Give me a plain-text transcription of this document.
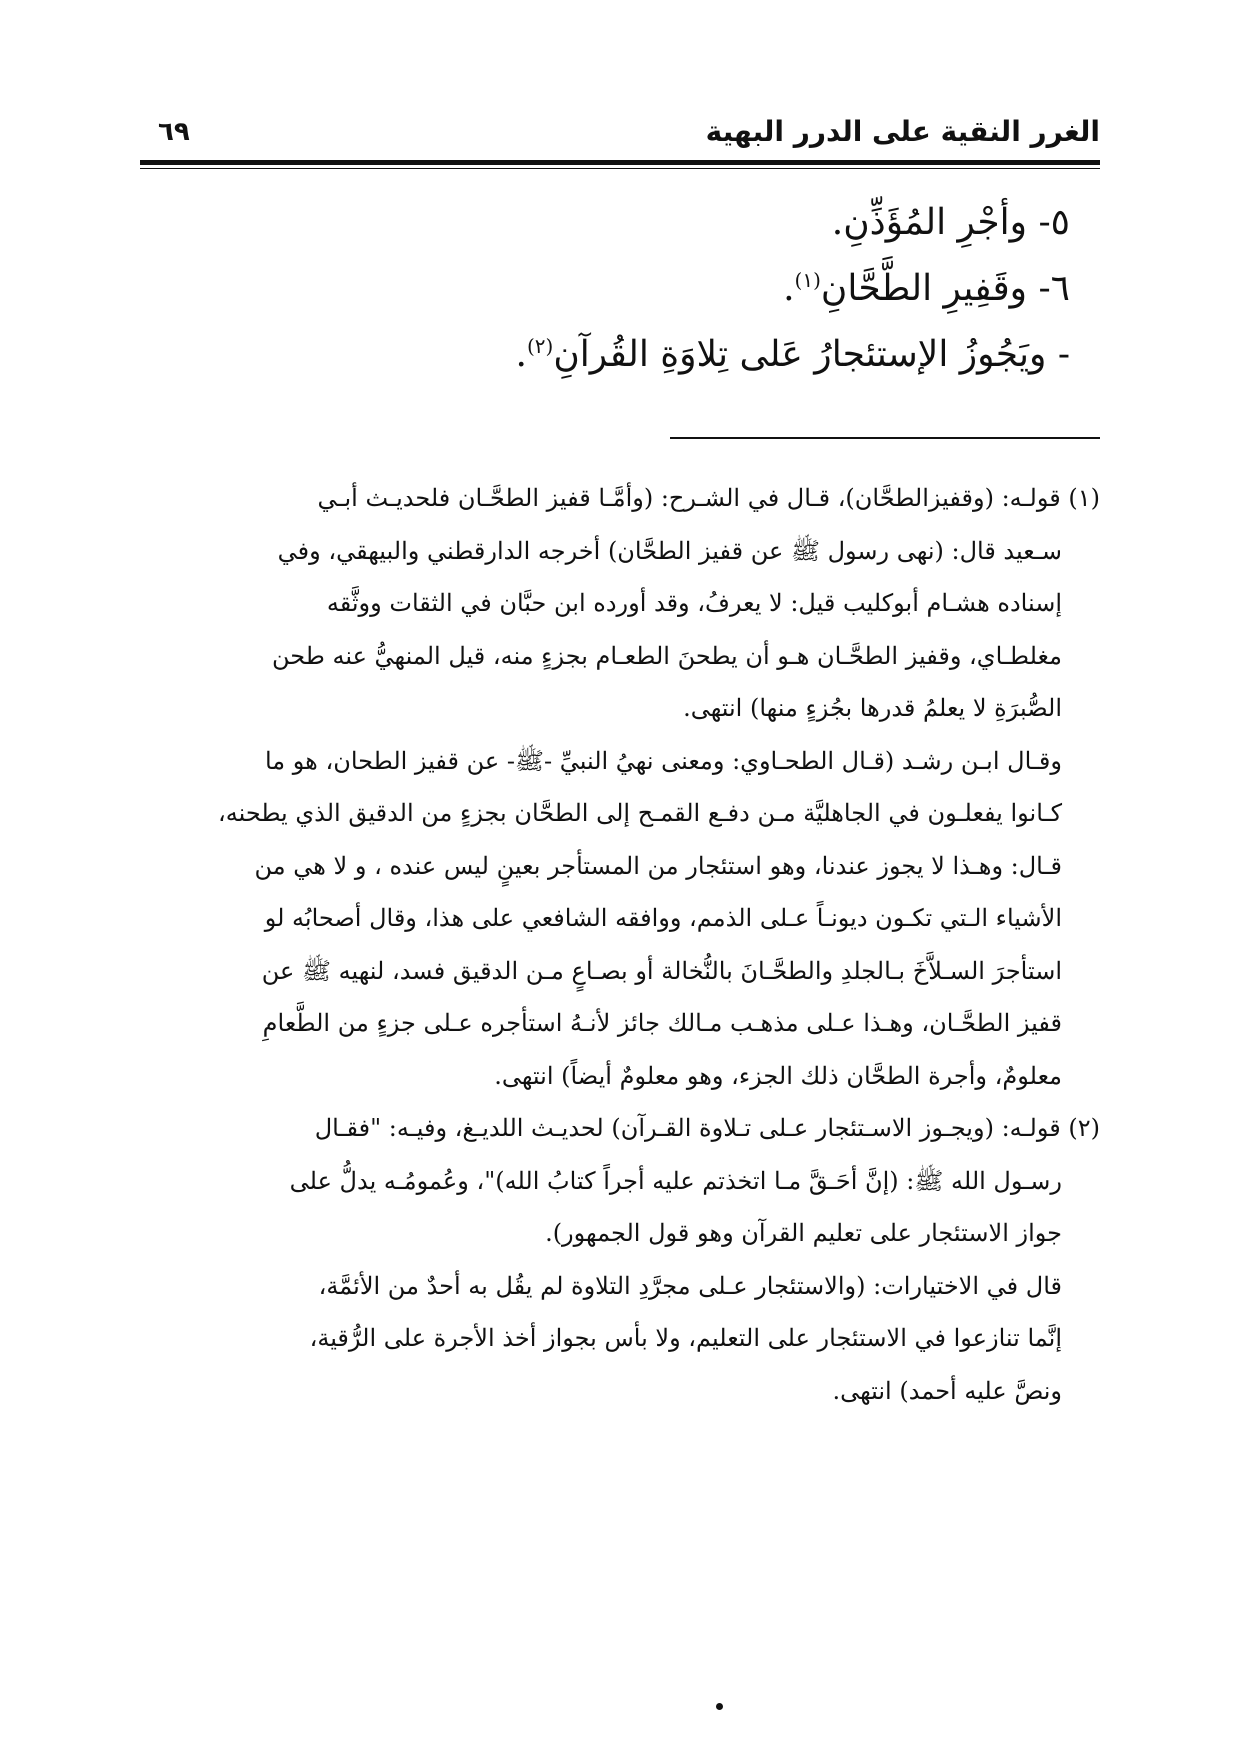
الغرر النقية على الدرر البهية
٦٩
٥- وأجْرِ المُؤَذِّنِ.
٦- وقَفِيرِ الطَّحَّانِ$^{(١)}$.
- ويَجُوزُ الإستئجارُ عَلى تِلاوَةِ القُرآنِ$^{(٢)}$.
(١) قولـه: (وقفيزالطحَّان)، قـال في الشـرح: (وأمَّـا قفيز الطحَّـان فلحديـث أبـي
سـعيد قال: (نهى رسول ﷺ عن قفيز الطحَّان) أخرجه الدارقطني والبيهقي، وفي
إسناده هشـام أبوكليب قيل: لا يعرفُ، وقد أورده ابن حبَّان في الثقات ووثَّقه
مغلطـاي، وقفيز الطحَّـان هـو أن يطحنَ الطعـام بجزءٍ منه، قيل المنهيُّ عنه طحن
الصُّبرَةِ لا يعلمُ قدرها بجُزءٍ منها) انتهى.
وقـال ابـن رشـد (قـال الطحـاوي: ومعنى نهيُ النبيِّ -ﷺ- عن قفيز الطحان، هو ما
كـانوا يفعلـون في الجاهليَّة مـن دفـع القمـح إلى الطحَّان بجزءٍ من الدقيق الذي يطحنه،
قـال: وهـذا لا يجوز عندنا، وهو استئجار من المستأجر بعينٍ ليس عنده ، و لا هي من
الأشياء الـتي تكـون ديونـاً عـلى الذمم، ووافقه الشافعي على هذا، وقال أصحابُه لو
استأجرَ السـلاَّخَ بـالجلدِ والطحَّـانَ بالنُّخالة أو بصـاعٍ مـن الدقيق فسد، لنهيه ﷺ عن
قفيز الطحَّـان، وهـذا عـلى مذهـب مـالك جائز لأنـهُ استأجره عـلى جزءٍ من الطَّعامِ
معلومٌ، وأجرة الطحَّان ذلك الجزء، وهو معلومٌ أيضاً) انتهى.
(٢) قولـه: (ويجـوز الاسـتئجار عـلى تـلاوة القـرآن) لحديـث اللديـغ، وفيـه: "فقـال
رسـول الله ﷺ: (إنَّ أحَـقَّ مـا اتخذتم عليه أجراً كتابُ الله)"، وعُمومُـه يدلُّ على
جواز الاستئجار على تعليم القرآن وهو قول الجمهور).
قال في الاختيارات: (والاستئجار عـلى مجرَّدِ التلاوة لم يقُل به أحدٌ من الأئمَّة،
إنَّما تنازعوا في الاستئجار على التعليم، ولا بأس بجواز أخذ الأجرة على الرُّقية،
ونصَّ عليه أحمد) انتهى.
